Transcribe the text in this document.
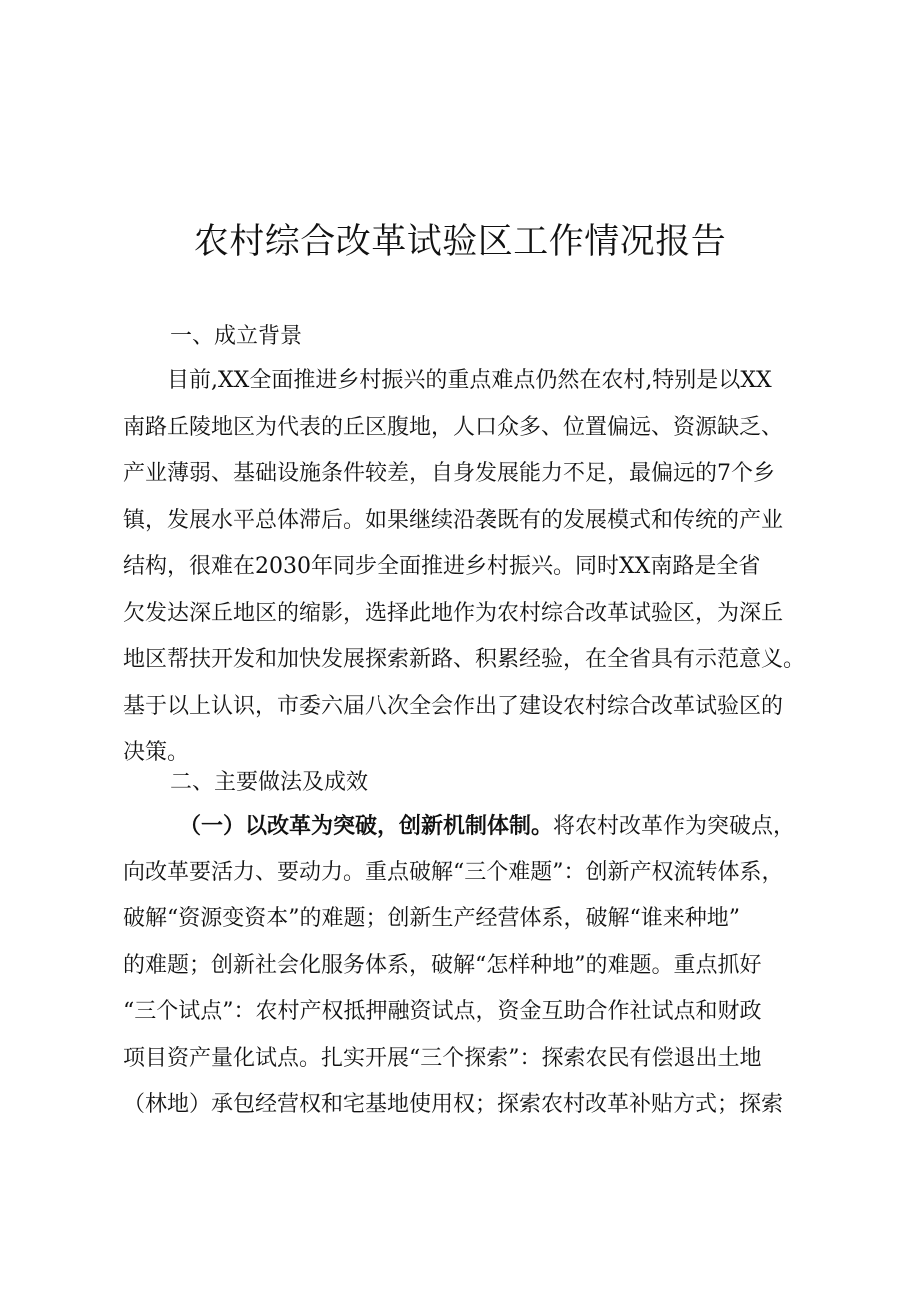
农村综合改革试验区工作情况报告
一、成立背景
　　目前,XX全面推进乡村振兴的重点难点仍然在农村,特别是以XX
南路丘陵地区为代表的丘区腹地，人口众多、位置偏远、资源缺乏、
产业薄弱、基础设施条件较差，自身发展能力不足，最偏远的7个乡
镇，发展水平总体滞后。如果继续沿袭既有的发展模式和传统的产业
结构，很难在2030年同步全面推进乡村振兴。同时XX南路是全省
欠发达深丘地区的缩影，选择此地作为农村综合改革试验区，为深丘
地区帮扶开发和加快发展探索新路、积累经验，在全省具有示范意义。
基于以上认识，市委六届八次全会作出了建设农村综合改革试验区的
决策。
二、主要做法及成效
（一）以改革为突破，创新机制体制。将农村改革作为突破点，
向改革要活力、要动力。重点破解“三个难题”：创新产权流转体系，
破解“资源变资本”的难题；创新生产经营体系，破解“谁来种地”
的难题；创新社会化服务体系，破解“怎样种地”的难题。重点抓好
“三个试点”：农村产权抵押融资试点，资金互助合作社试点和财政
项目资产量化试点。扎实开展“三个探索”：探索农民有偿退出土地
（林地）承包经营权和宅基地使用权；探索农村改革补贴方式；探索
